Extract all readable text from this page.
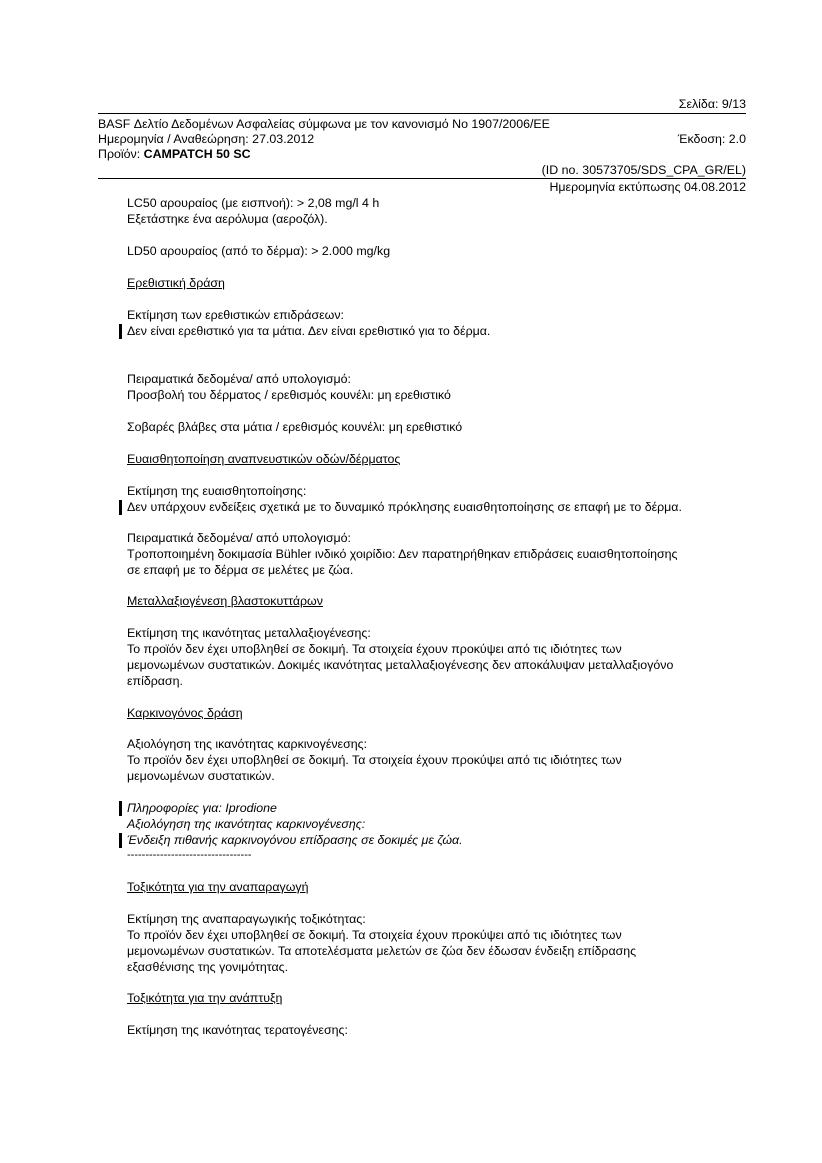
Σελίδα: 9/13
BASF Δελτίο Δεδομένων Ασφαλείας σύμφωνα με τον κανονισμό Νο 1907/2006/ΕΕ
Ημερομηνία / Αναθεώρηση: 27.03.2012	Έκδοση: 2.0
Προϊόν: CAMPATCH 50 SC
(ID no. 30573705/SDS_CPA_GR/EL)
Ημερομηνία εκτύπωσης 04.08.2012
LC50 αρουραίος (με εισπνοή): > 2,08 mg/l 4 h
Εξετάστηκε ένα αερόλυμα (αεροζόλ).
LD50 αρουραίος (από το δέρμα): > 2.000 mg/kg
Ερεθιστική δράση
Εκτίμηση των ερεθιστικών επιδράσεων:
Δεν είναι ερεθιστικό για τα μάτια. Δεν είναι ερεθιστικό για το δέρμα.
Πειραματικά δεδομένα/ από υπολογισμό:
Προσβολή του δέρματος / ερεθισμός κουνέλι: μη ερεθιστικό
Σοβαρές βλάβες στα μάτια / ερεθισμός κουνέλι: μη ερεθιστικό
Ευαισθητοποίηση αναπνευστικών οδών/δέρματος
Εκτίμηση της ευαισθητοποίησης:
Δεν υπάρχουν ενδείξεις σχετικά με το δυναμικό πρόκλησης ευαισθητοποίησης σε επαφή με το δέρμα.
Πειραματικά δεδομένα/ από υπολογισμό:
Τροποποιημένη δοκιμασία Bühler ινδικό χοιρίδιο: Δεν παρατηρήθηκαν επιδράσεις ευαισθητοποίησης
σε επαφή με το δέρμα σε μελέτες με ζώα.
Μεταλλαξιογένεση βλαστοκυττάρων
Εκτίμηση της ικανότητας μεταλλαξιογένεσης:
Το προϊόν δεν έχει υποβληθεί σε δοκιμή. Τα στοιχεία έχουν προκύψει από τις ιδιότητες των
μεμονωμένων συστατικών. Δοκιμές ικανότητας μεταλλαξιογένεσης δεν αποκάλυψαν μεταλλαξιογόνο
επίδραση.
Καρκινογόνος δράση
Αξιολόγηση της ικανότητας καρκινογένεσης:
Το προϊόν δεν έχει υποβληθεί σε δοκιμή. Τα στοιχεία έχουν προκύψει από τις ιδιότητες των
μεμονωμένων συστατικών.
Πληροφορίες για: Iprodione
Αξιολόγηση της ικανότητας καρκινογένεσης:
Ένδειξη πιθανής καρκινογόνου επίδρασης σε δοκιμές με ζώα.
----------------------------------
Τοξικότητα για την αναπαραγωγή
Εκτίμηση της αναπαραγωγικής τοξικότητας:
Το προϊόν δεν έχει υποβληθεί σε δοκιμή. Τα στοιχεία έχουν προκύψει από τις ιδιότητες των
μεμονωμένων συστατικών. Τα αποτελέσματα μελετών σε ζώα δεν έδωσαν ένδειξη επίδρασης
εξασθένισης της γονιμότητας.
Τοξικότητα για την ανάπτυξη
Εκτίμηση της ικανότητας τερατογένεσης:
